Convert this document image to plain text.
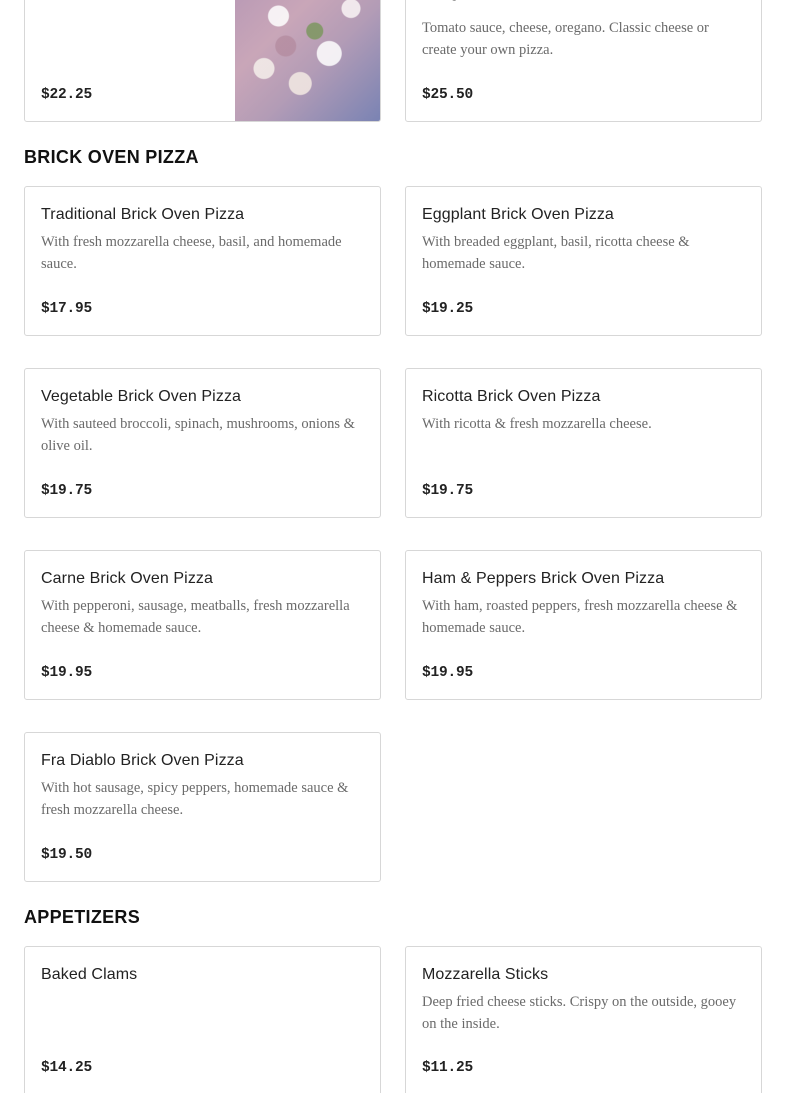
$22.25
Tomato sauce, cheese, oregano. Classic cheese or create your own pizza.
$25.50
BRICK OVEN PIZZA
Traditional Brick Oven Pizza
With fresh mozzarella cheese, basil, and homemade sauce.
$17.95
Eggplant Brick Oven Pizza
With breaded eggplant, basil, ricotta cheese & homemade sauce.
$19.25
Vegetable Brick Oven Pizza
With sauteed broccoli, spinach, mushrooms, onions & olive oil.
$19.75
Ricotta Brick Oven Pizza
With ricotta & fresh mozzarella cheese.
$19.75
Carne Brick Oven Pizza
With pepperoni, sausage, meatballs, fresh mozzarella cheese & homemade sauce.
$19.95
Ham & Peppers Brick Oven Pizza
With ham, roasted peppers, fresh mozzarella cheese & homemade sauce.
$19.95
Fra Diablo Brick Oven Pizza
With hot sausage, spicy peppers, homemade sauce & fresh mozzarella cheese.
$19.50
APPETIZERS
Baked Clams
$14.25
Mozzarella Sticks
Deep fried cheese sticks. Crispy on the outside, gooey on the inside.
$11.25
